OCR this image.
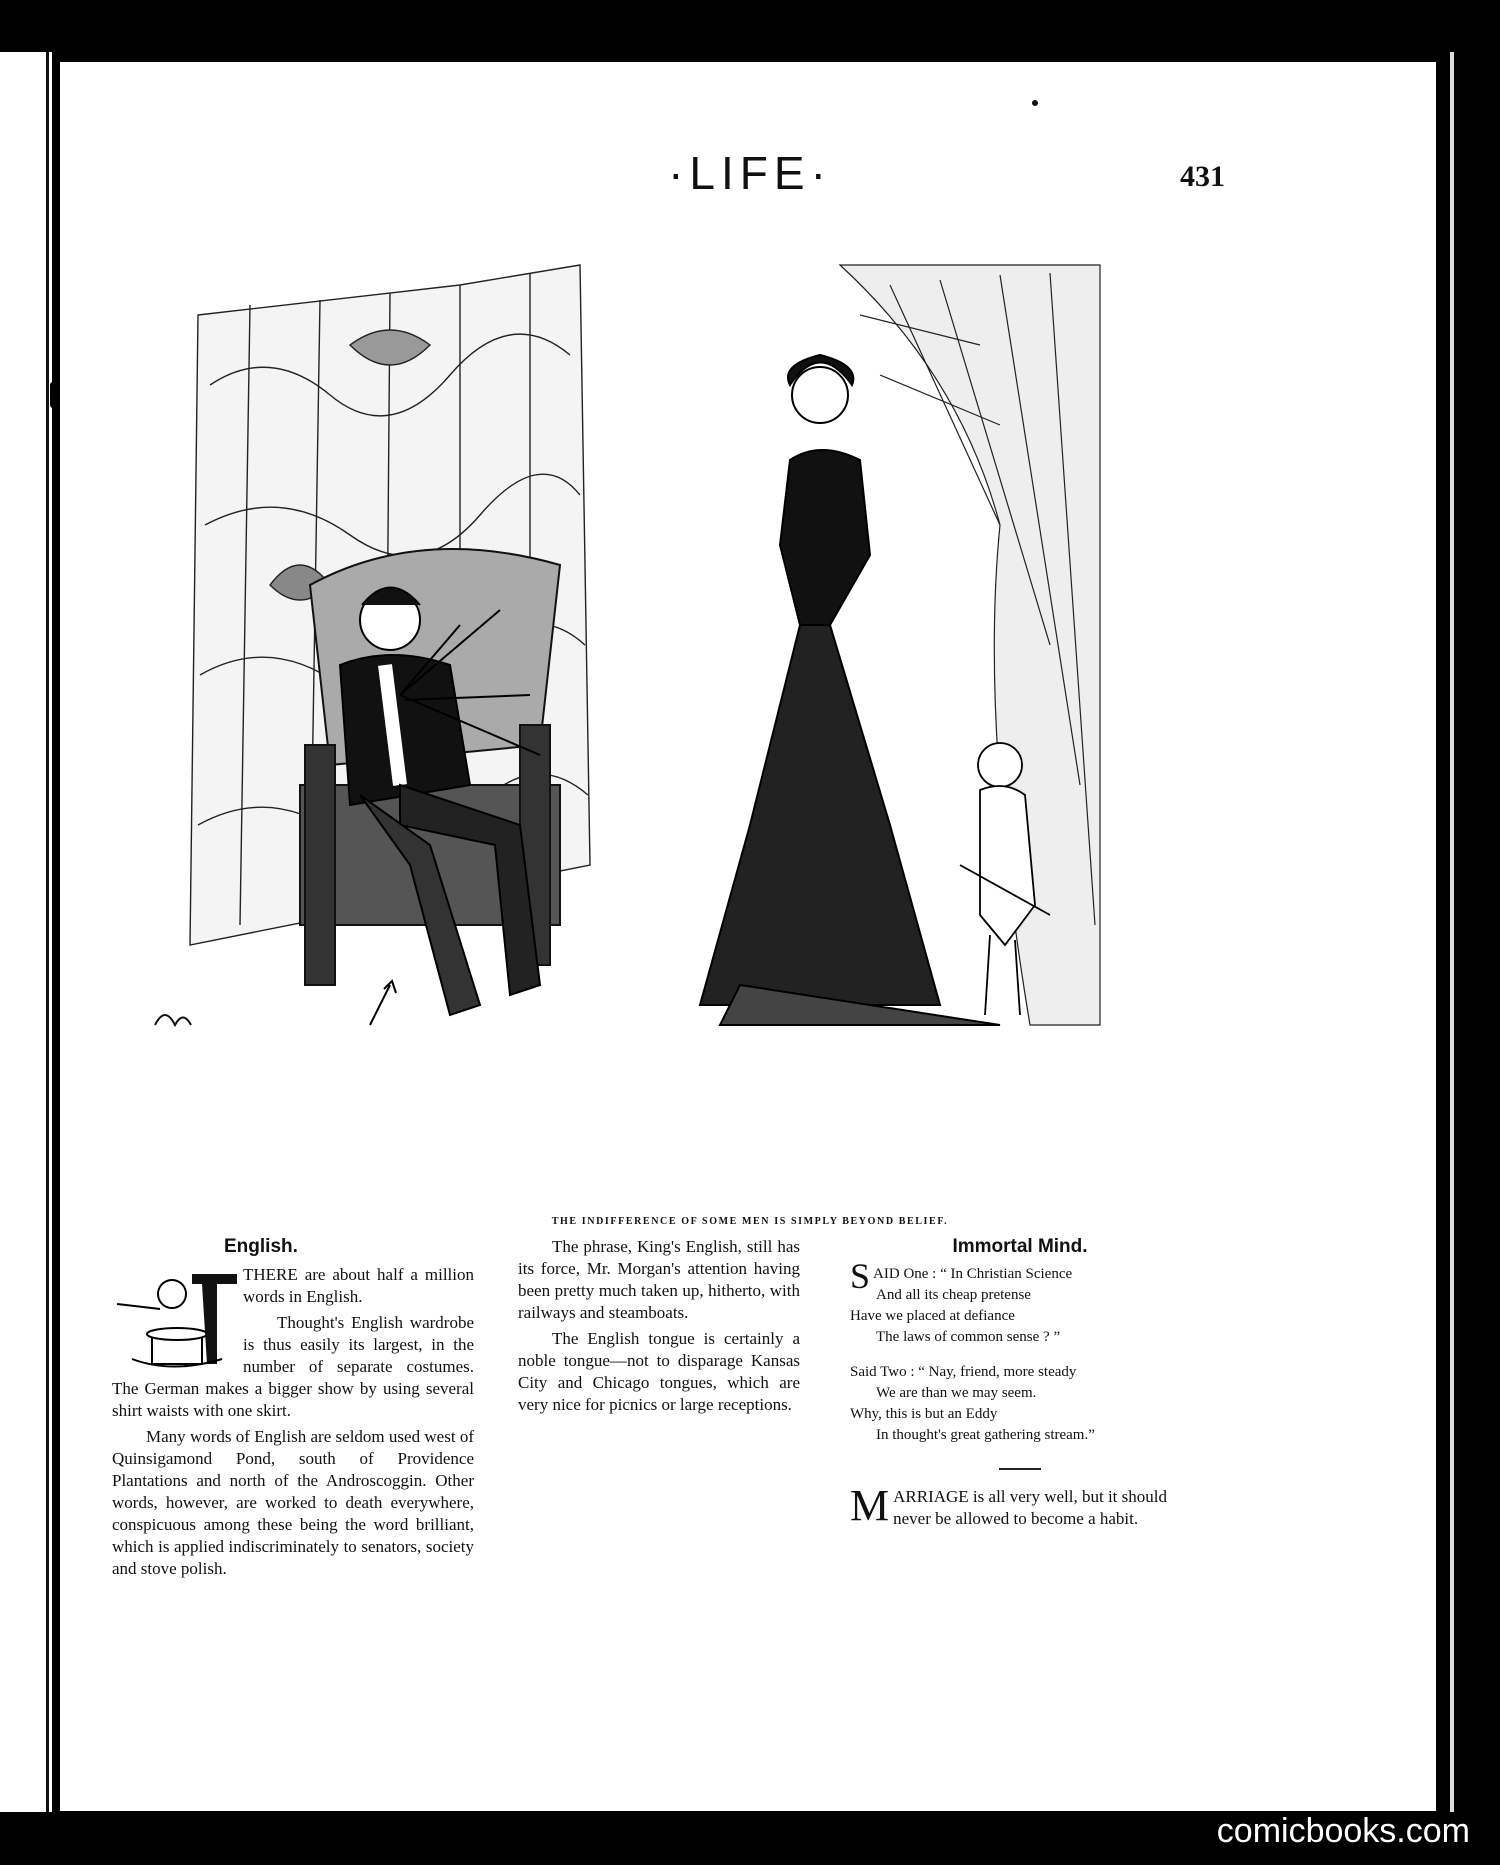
·LIFE·	431
THE INDIFFERENCE OF SOME MEN IS SIMPLY BEYOND BELIEF.
English.

THERE are about half a million words in English.

Thought's English wardrobe is thus easily its largest, in the number of separate costumes. The German makes a bigger show by using several shirt waists with one skirt.

Many words of English are seldom used west of Quinsigamond Pond, south of Providence Plantations and north of the Androscoggin. Other words, however, are worked to death everywhere, conspicuous among these being the word brilliant, which is applied indiscriminately to senators, society and stove polish.

The phrase, King's English, still has its force, Mr. Morgan's attention having been pretty much taken up, hitherto, with railways and steamboats.

The English tongue is certainly a noble tongue—not to disparage Kansas City and Chicago tongues, which are very nice for picnics or large receptions.

Immortal Mind.
S AID One : “ In Christian Science
And all its cheap pretense
Have we placed at defiance
The laws of common sense ? ”
Said Two : “ Nay, friend, more steady
We are than we may seem.
Why, this is but an Eddy
In thought's great gathering stream.”
MARRIAGE is all very well, but it should never be allowed to become a habit.
comicbooks.com
